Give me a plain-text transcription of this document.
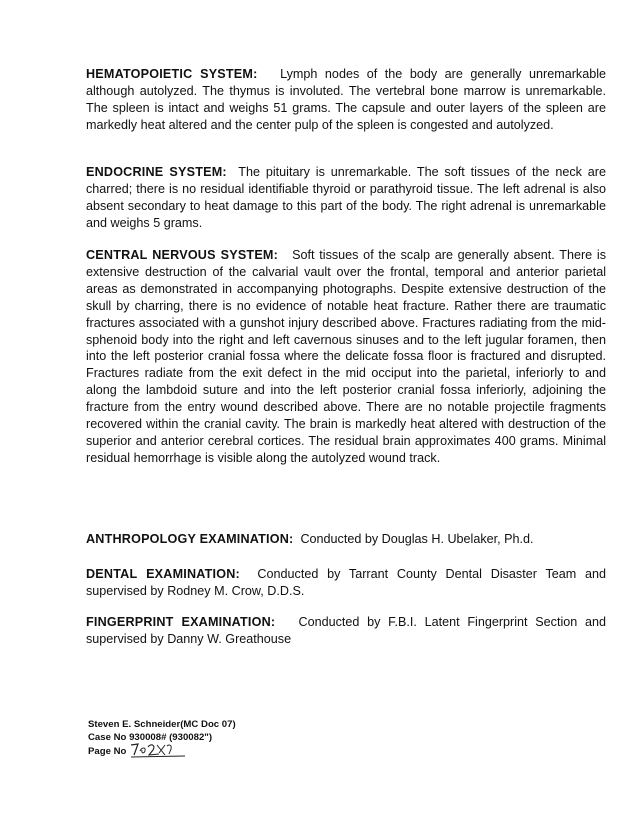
HEMATOPOIETIC SYSTEM: Lymph nodes of the body are generally unremarkable although autolyzed. The thymus is involuted. The vertebral bone marrow is unremarkable. The spleen is intact and weighs 51 grams. The capsule and outer layers of the spleen are markedly heat altered and the center pulp of the spleen is congested and autolyzed.

ENDOCRINE SYSTEM: The pituitary is unremarkable. The soft tissues of the neck are charred; there is no residual identifiable thyroid or parathyroid tissue. The left adrenal is also absent secondary to heat damage to this part of the body. The right adrenal is unremarkable and weighs 5 grams.

CENTRAL NERVOUS SYSTEM: Soft tissues of the scalp are generally absent. There is extensive destruction of the calvarial vault over the frontal, temporal and anterior parietal areas as demonstrated in accompanying photographs. Despite extensive destruction of the skull by charring, there is no evidence of notable heat fracture. Rather there are traumatic fractures associated with a gunshot injury described above. Fractures radiating from the mid-sphenoid body into the right and left cavernous sinuses and to the left jugular foramen, then into the left posterior cranial fossa where the delicate fossa floor is fractured and disrupted. Fractures radiate from the exit defect in the mid occiput into the parietal, inferiorly to and along the lambdoid suture and into the left posterior cranial fossa inferiorly, adjoining the fracture from the entry wound described above. There are no notable projectile fragments recovered within the cranial cavity. The brain is markedly heat altered with destruction of the superior and anterior cerebral cortices. The residual brain approximates 400 grams. Minimal residual hemorrhage is visible along the autolyzed wound track.

ANTHROPOLOGY EXAMINATION: Conducted by Douglas H. Ubelaker, Ph.d.

DENTAL EXAMINATION: Conducted by Tarrant County Dental Disaster Team and supervised by Rodney M. Crow, D.D.S.

FINGERPRINT EXAMINATION: Conducted by F.B.I. Latent Fingerprint Section and supervised by Danny W. Greathouse

Steven E. Schneider(MC Doc 07)
Case No 930008# (930082")
Page No
